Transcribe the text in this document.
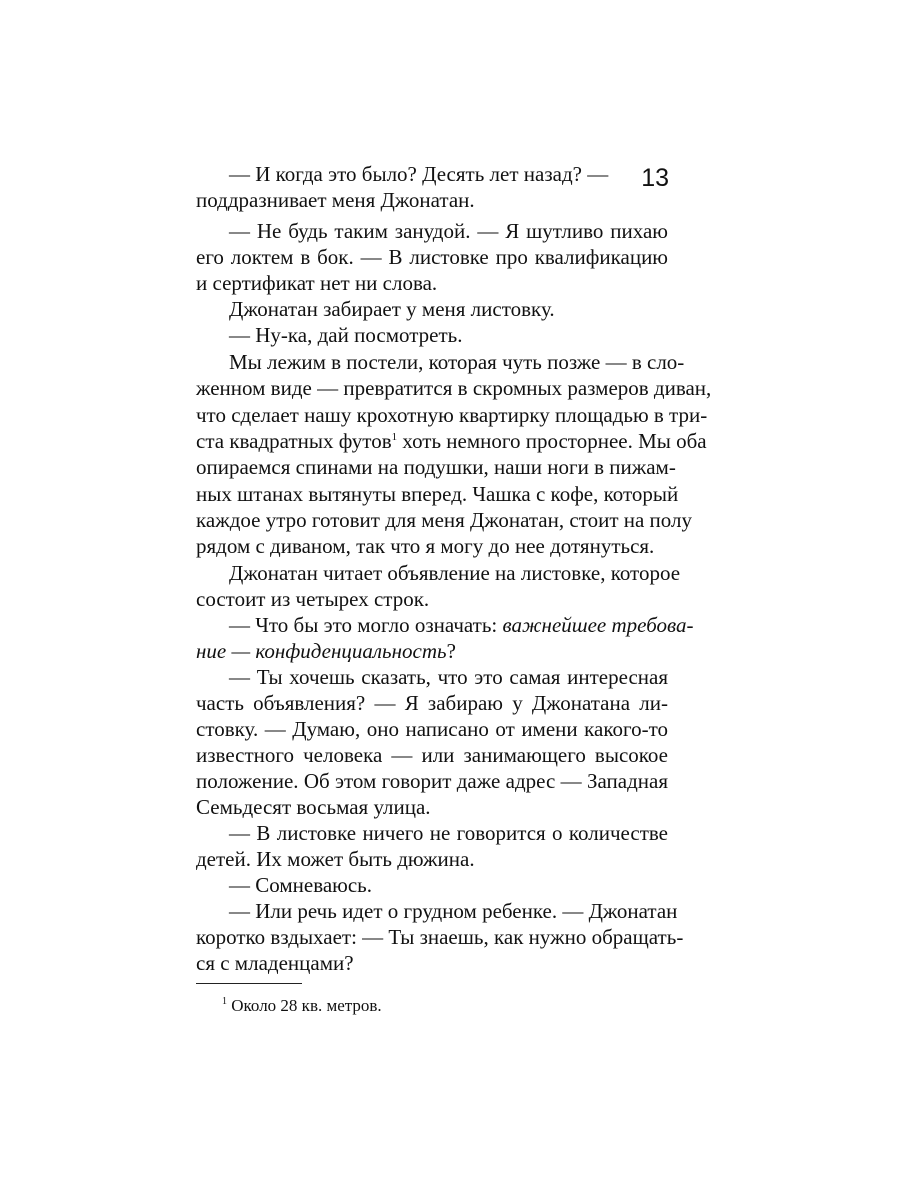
13
— И когда это было? Десять лет назад? —
поддразнивает меня Джонатан.
— Не будь таким занудой. — Я шутливо пихаю
его локтем в бок. — В листовке про квалификацию
и сертификат нет ни слова.
Джонатан забирает у меня листовку.
— Ну-ка, дай посмотреть.
Мы лежим в постели, которая чуть позже — в сло-
женном виде — превратится в скромных размеров диван,
что сделает нашу крохотную квартирку площадью в три-
ста квадратных футов$^1$ хоть немного просторнее. Мы оба
опираемся спинами на подушки, наши ноги в пижам-
ных штанах вытянуты вперед. Чашка с кофе, который
каждое утро готовит для меня Джонатан, стоит на полу
рядом с диваном, так что я могу до нее дотянуться.
Джонатан читает объявление на листовке, которое
состоит из четырех строк.
— Что бы это могло означать: важнейшее требова-
ние — конфиденциальность?
— Ты хочешь сказать, что это самая интересная
часть объявления? — Я забираю у Джонатана ли-
стовку. — Думаю, оно написано от имени какого-то
известного человека — или занимающего высокое
положение. Об этом говорит даже адрес — Западная
Семьдесят восьмая улица.
— В листовке ничего не говорится о количестве
детей. Их может быть дюжина.
— Сомневаюсь.
— Или речь идет о грудном ребенке. — Джонатан
коротко вздыхает: — Ты знаешь, как нужно обращать-
ся с младенцами?
$^1$ Около 28 кв. метров.
